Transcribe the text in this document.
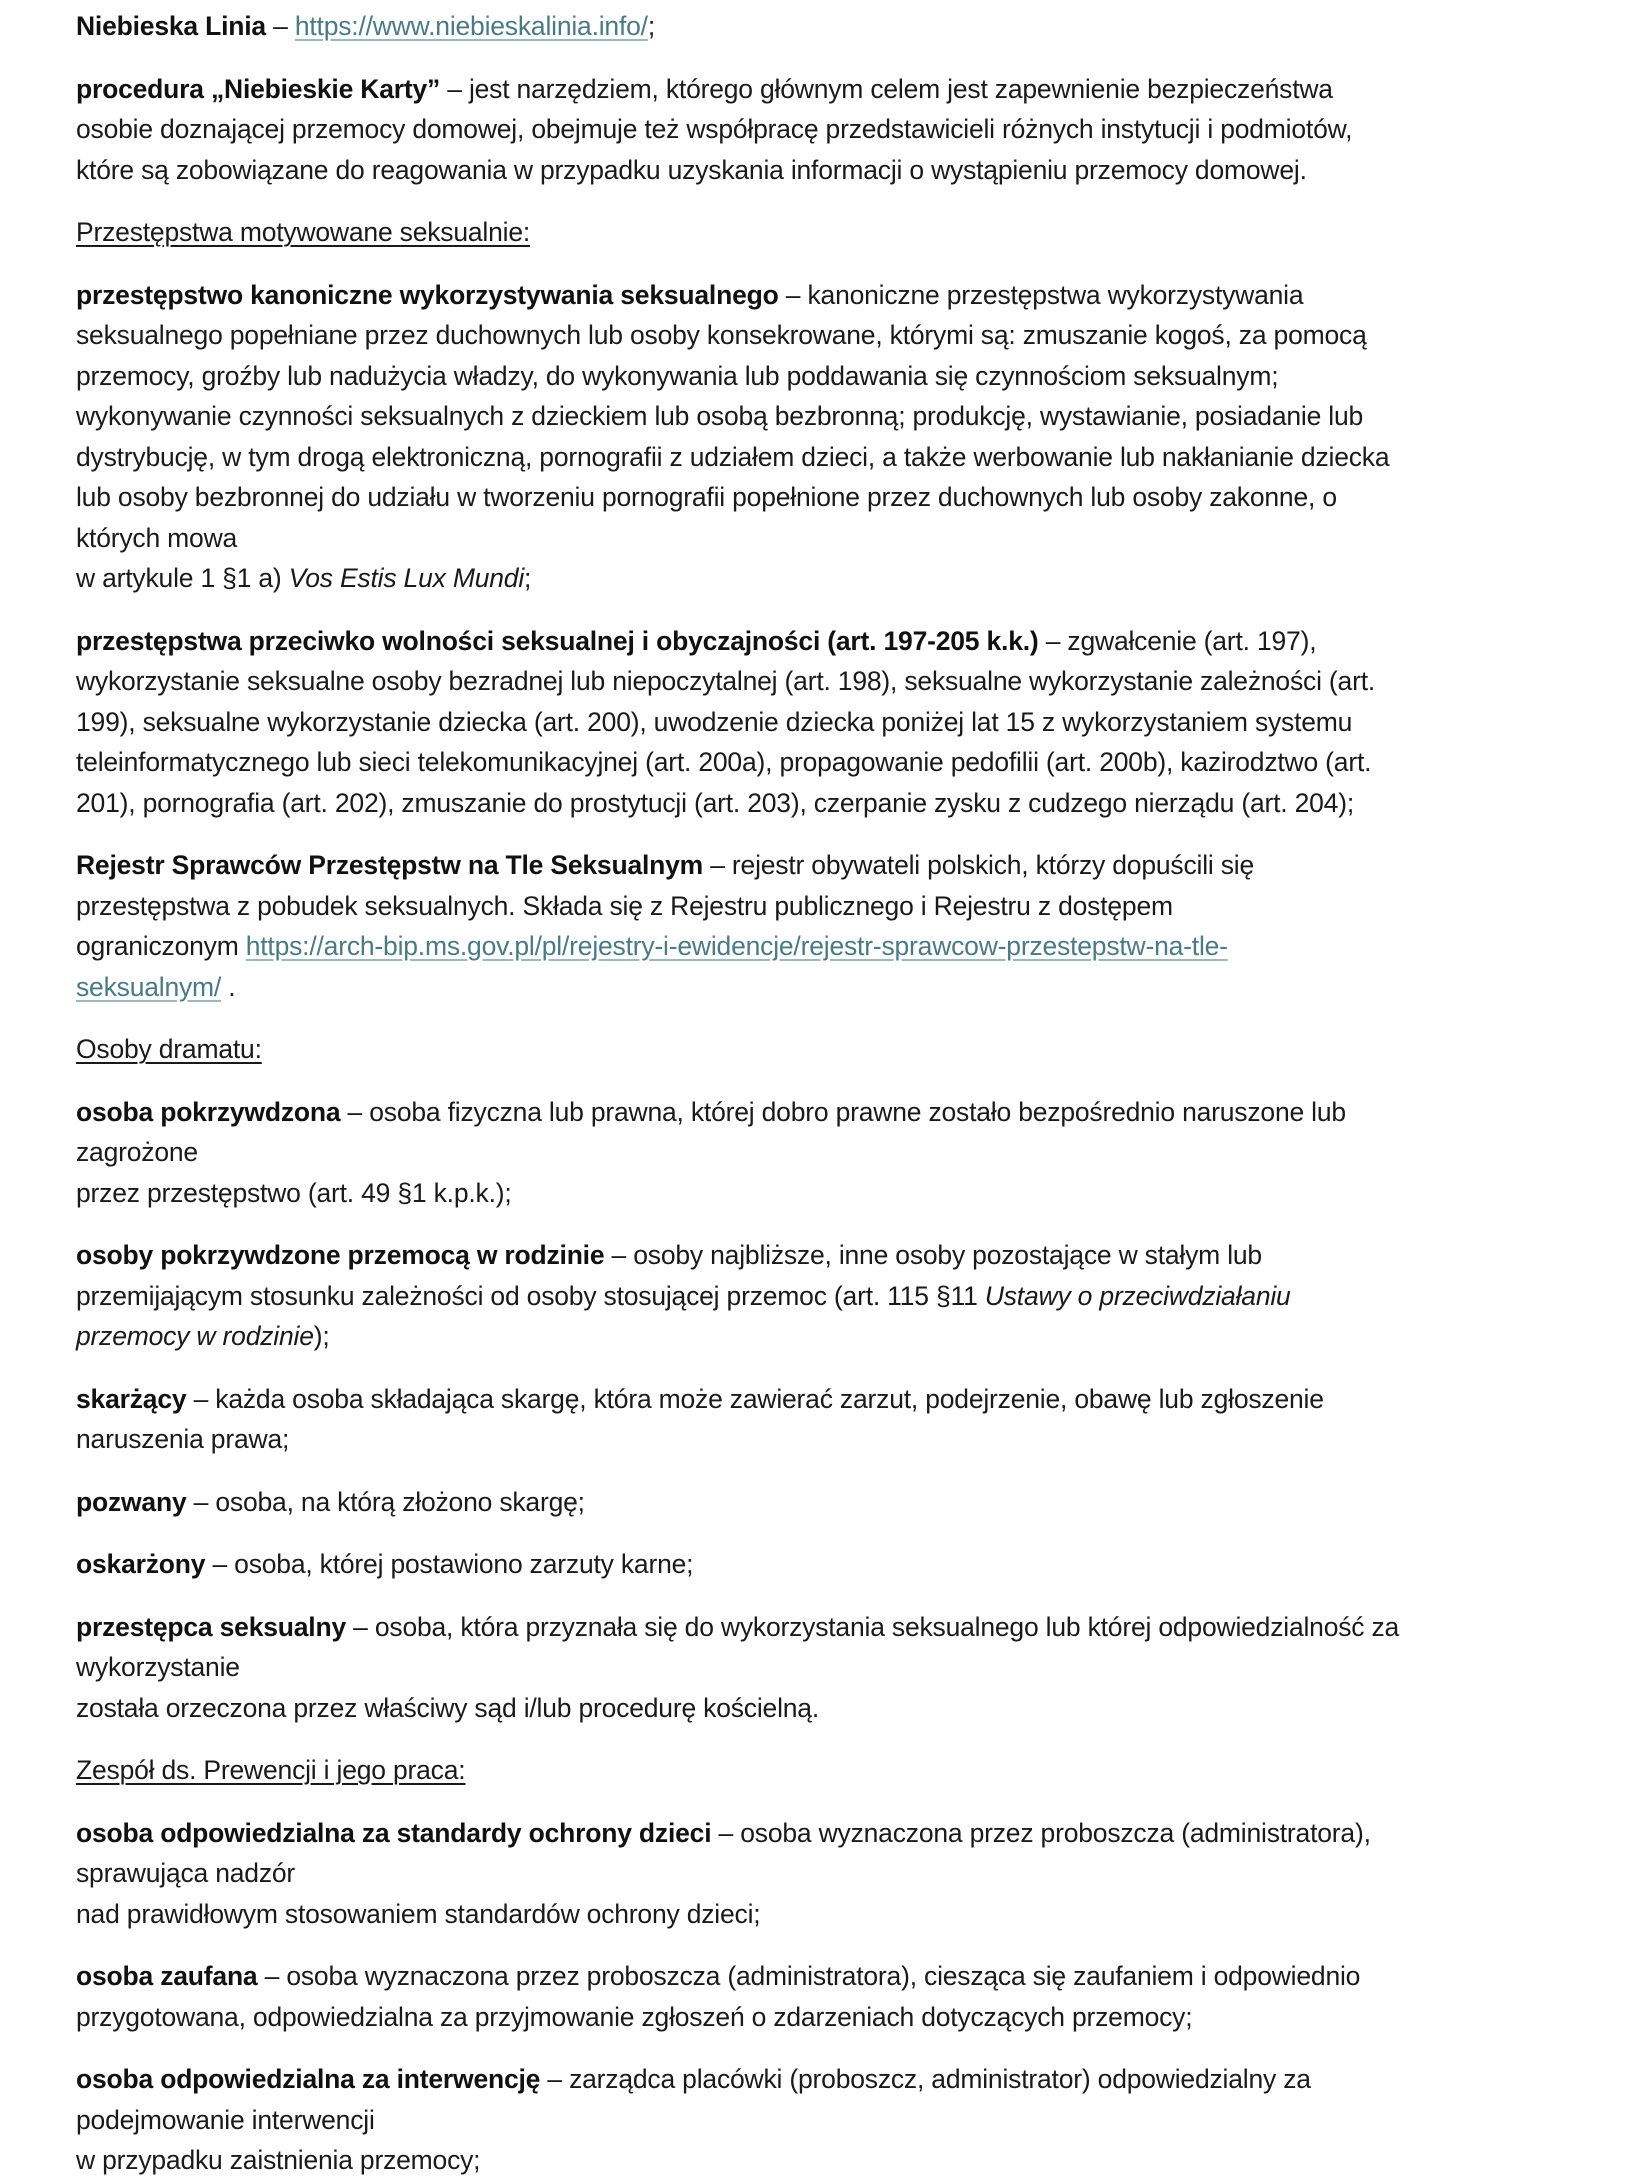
Niebieska Linia – https://www.niebieskalinia.info/;

procedura „Niebieskie Karty” – jest narzędziem, którego głównym celem jest zapewnienie bezpieczeństwa
osobie doznającej przemocy domowej, obejmuje też współpracę przedstawicieli różnych instytucji i podmiotów,
które są zobowiązane do reagowania w przypadku uzyskania informacji o wystąpieniu przemocy domowej.

Przestępstwa motywowane seksualnie:

przestępstwo kanoniczne wykorzystywania seksualnego – kanoniczne przestępstwa wykorzystywania
seksualnego popełniane przez duchownych lub osoby konsekrowane, którymi są: zmuszanie kogoś, za pomocą
przemocy, groźby lub nadużycia władzy, do wykonywania lub poddawania się czynnościom seksualnym;
wykonywanie czynności seksualnych z dzieckiem lub osobą bezbronną; produkcję, wystawianie, posiadanie lub
dystrybucję, w tym drogą elektroniczną, pornografii z udziałem dzieci, a także werbowanie lub nakłanianie dziecka
lub osoby bezbronnej do udziału w tworzeniu pornografii popełnione przez duchownych lub osoby zakonne, o
których mowa
w artykule 1 §1 a) Vos Estis Lux Mundi;

przestępstwa przeciwko wolności seksualnej i obyczajności (art. 197-205 k.k.) – zgwałcenie (art. 197),
wykorzystanie seksualne osoby bezradnej lub niepoczytalnej (art. 198), seksualne wykorzystanie zależności (art.
199), seksualne wykorzystanie dziecka (art. 200), uwodzenie dziecka poniżej lat 15 z wykorzystaniem systemu
teleinformatycznego lub sieci telekomunikacyjnej (art. 200a), propagowanie pedofilii (art. 200b), kazirodztwo (art.
201), pornografia (art. 202), zmuszanie do prostytucji (art. 203), czerpanie zysku z cudzego nierządu (art. 204);

Rejestr Sprawców Przestępstw na Tle Seksualnym – rejestr obywateli polskich, którzy dopuścili się
przestępstwa z pobudek seksualnych. Składa się z Rejestru publicznego i Rejestru z dostępem
ograniczonym https://arch-bip.ms.gov.pl/pl/rejestry-i-ewidencje/rejestr-sprawcow-przestepstw-na-tle-
seksualnym/ .

Osoby dramatu:

osoba pokrzywdzona – osoba fizyczna lub prawna, której dobro prawne zostało bezpośrednio naruszone lub
zagrożone
przez przestępstwo (art. 49 §1 k.p.k.);

osoby pokrzywdzone przemocą w rodzinie – osoby najbliższe, inne osoby pozostające w stałym lub
przemijającym stosunku zależności od osoby stosującej przemoc (art. 115 §11 Ustawy o przeciwdziałaniu
przemocy w rodzinie);

skarżący – każda osoba składająca skargę, która może zawierać zarzut, podejrzenie, obawę lub zgłoszenie
naruszenia prawa;

pozwany – osoba, na którą złożono skargę;

oskarżony – osoba, której postawiono zarzuty karne;

przestępca seksualny – osoba, która przyznała się do wykorzystania seksualnego lub której odpowiedzialność za
wykorzystanie
została orzeczona przez właściwy sąd i/lub procedurę kościelną.

Zespół ds. Prewencji i jego praca:

osoba odpowiedzialna za standardy ochrony dzieci – osoba wyznaczona przez proboszcza (administratora),
sprawująca nadzór
nad prawidłowym stosowaniem standardów ochrony dzieci;

osoba zaufana – osoba wyznaczona przez proboszcza (administratora), ciesząca się zaufaniem i odpowiednio
przygotowana, odpowiedzialna za przyjmowanie zgłoszeń o zdarzeniach dotyczących przemocy;

osoba odpowiedzialna za interwencję – zarządca placówki (proboszcz, administrator) odpowiedzialny za
podejmowanie interwencji
w przypadku zaistnienia przemocy;
